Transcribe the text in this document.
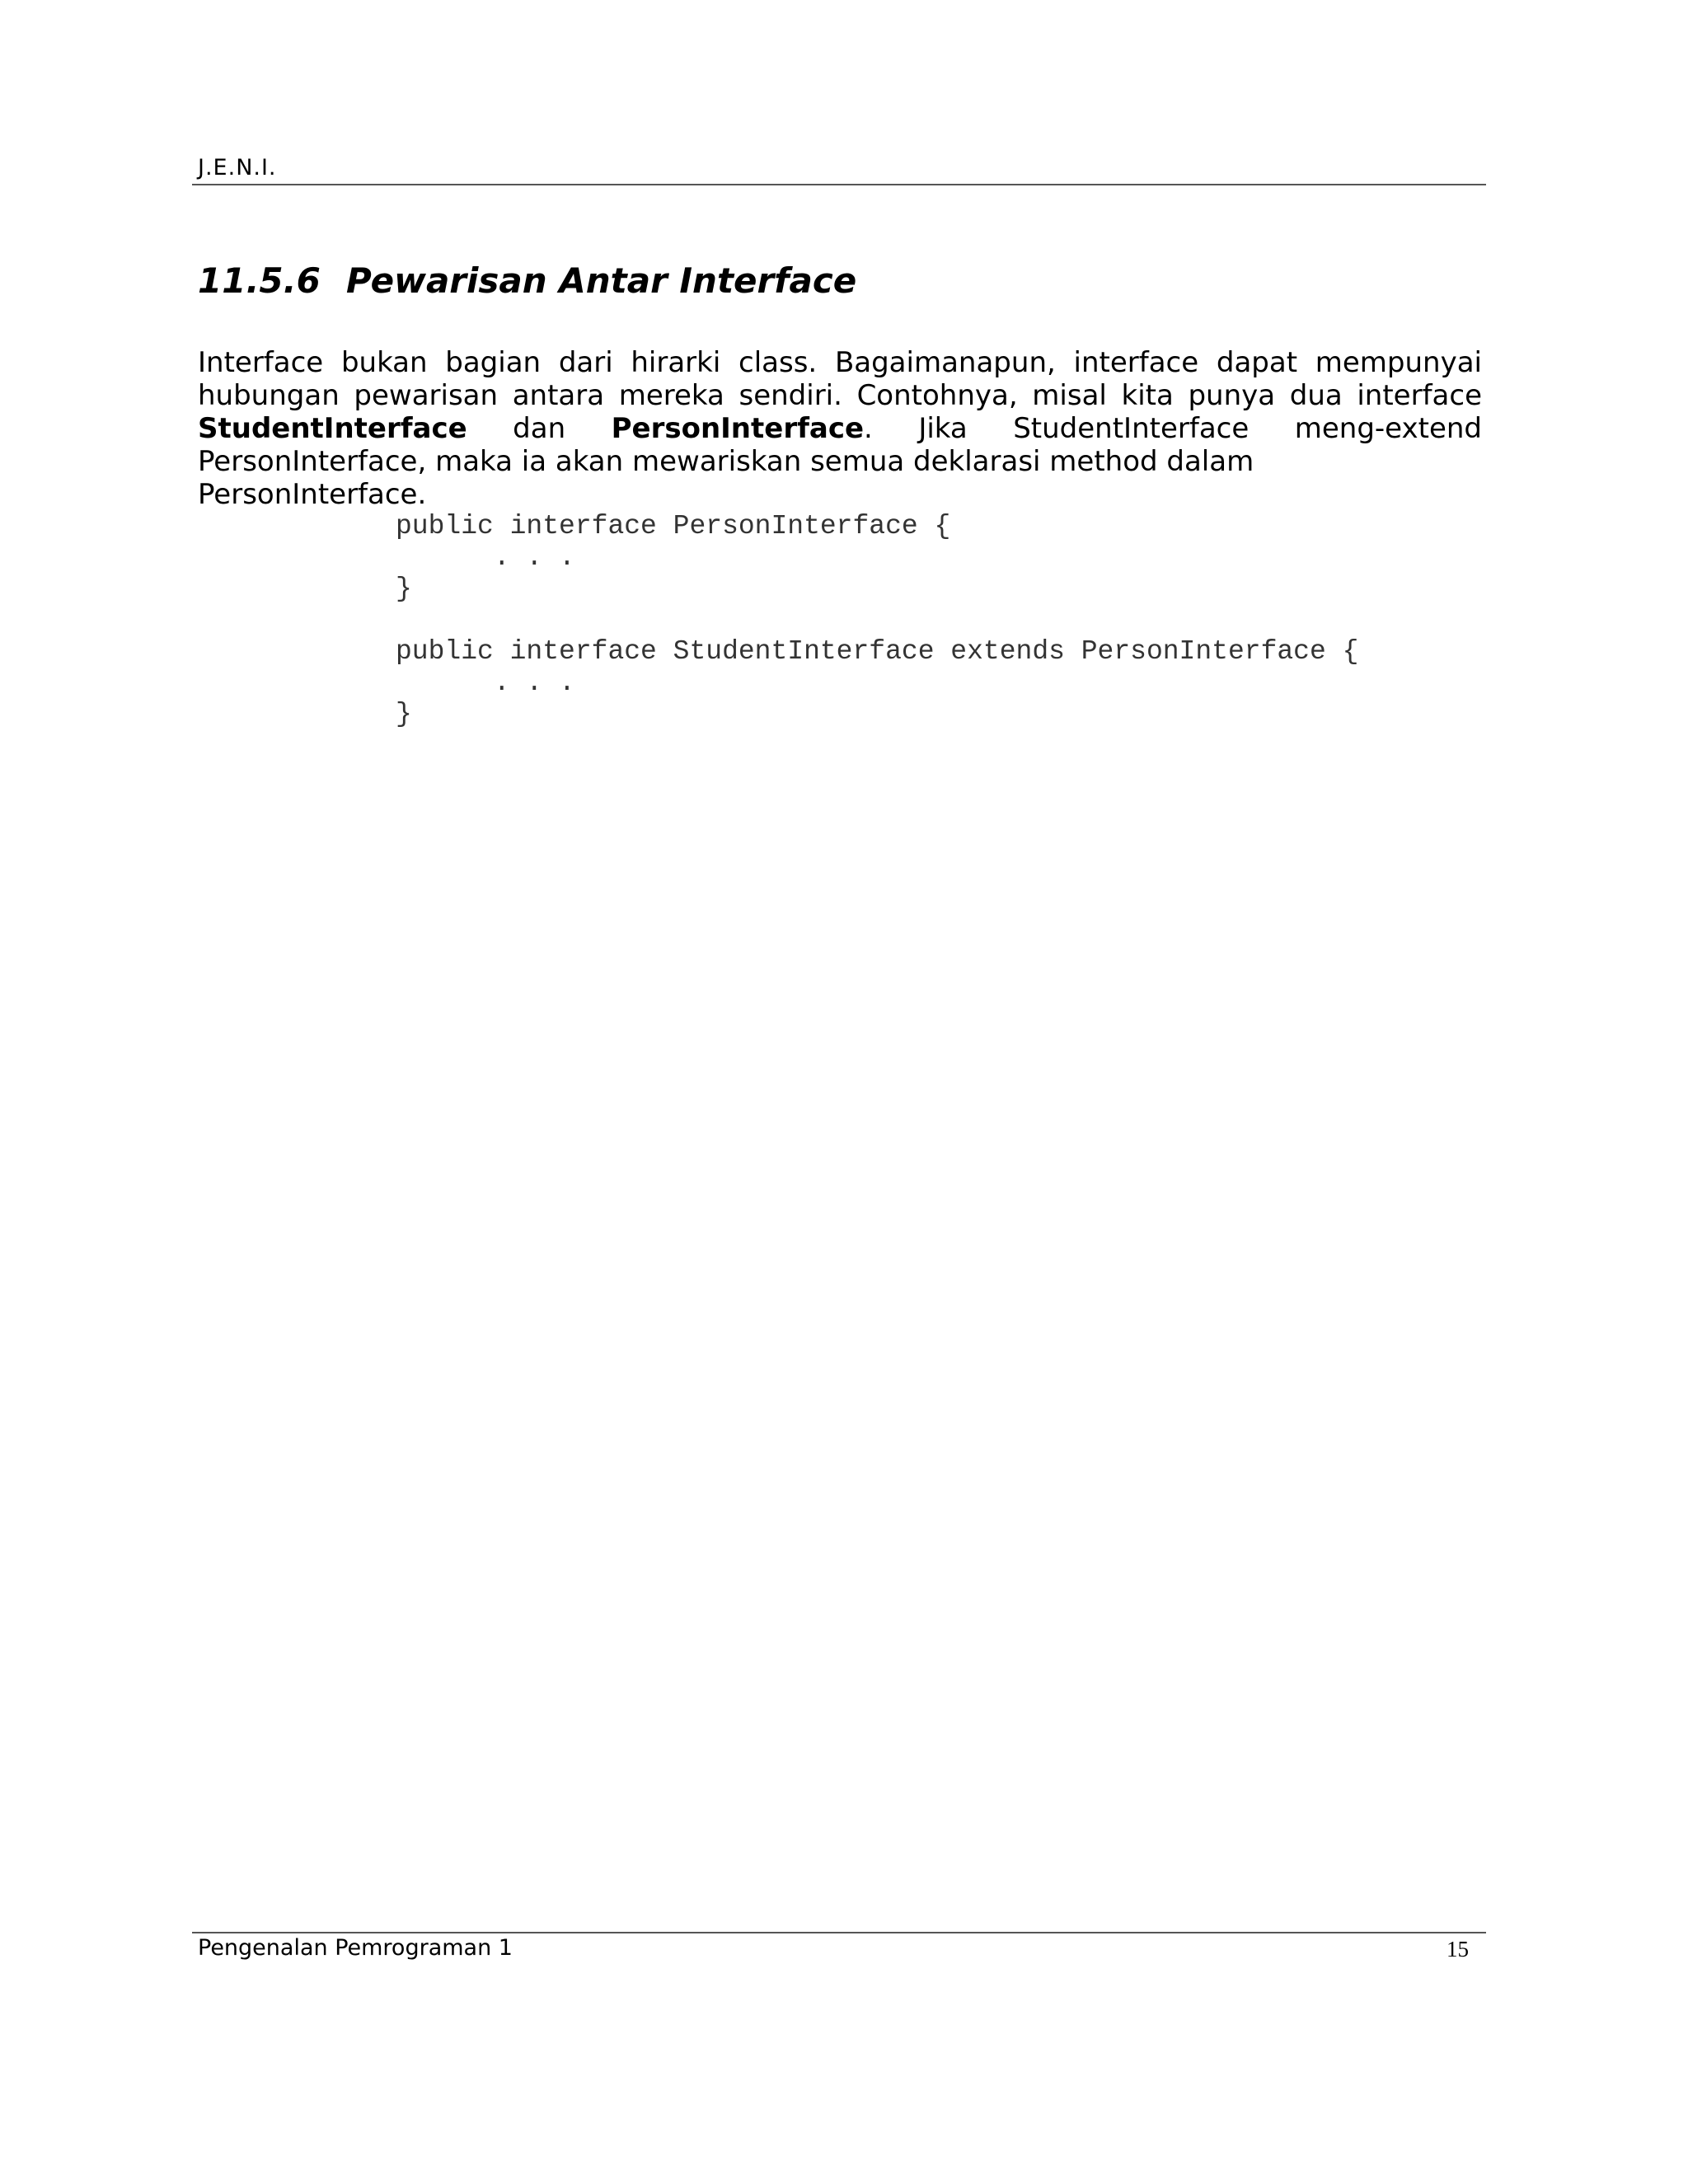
J.E.N.I.
11.5.6 Pewarisan Antar Interface

Interface bukan bagian dari hirarki class. Bagaimanapun, interface dapat mempunyai
hubungan pewarisan antara mereka sendiri. Contohnya, misal kita punya dua interface
StudentInterface dan PersonInterface. Jika StudentInterface meng-extend
PersonInterface, maka ia akan mewariskan semua deklarasi method dalam PersonInterface.

public interface PersonInterface {
. . .
}
public interface StudentInterface extends PersonInterface {
. . .
}
Pengenalan Pemrograman 1	15
